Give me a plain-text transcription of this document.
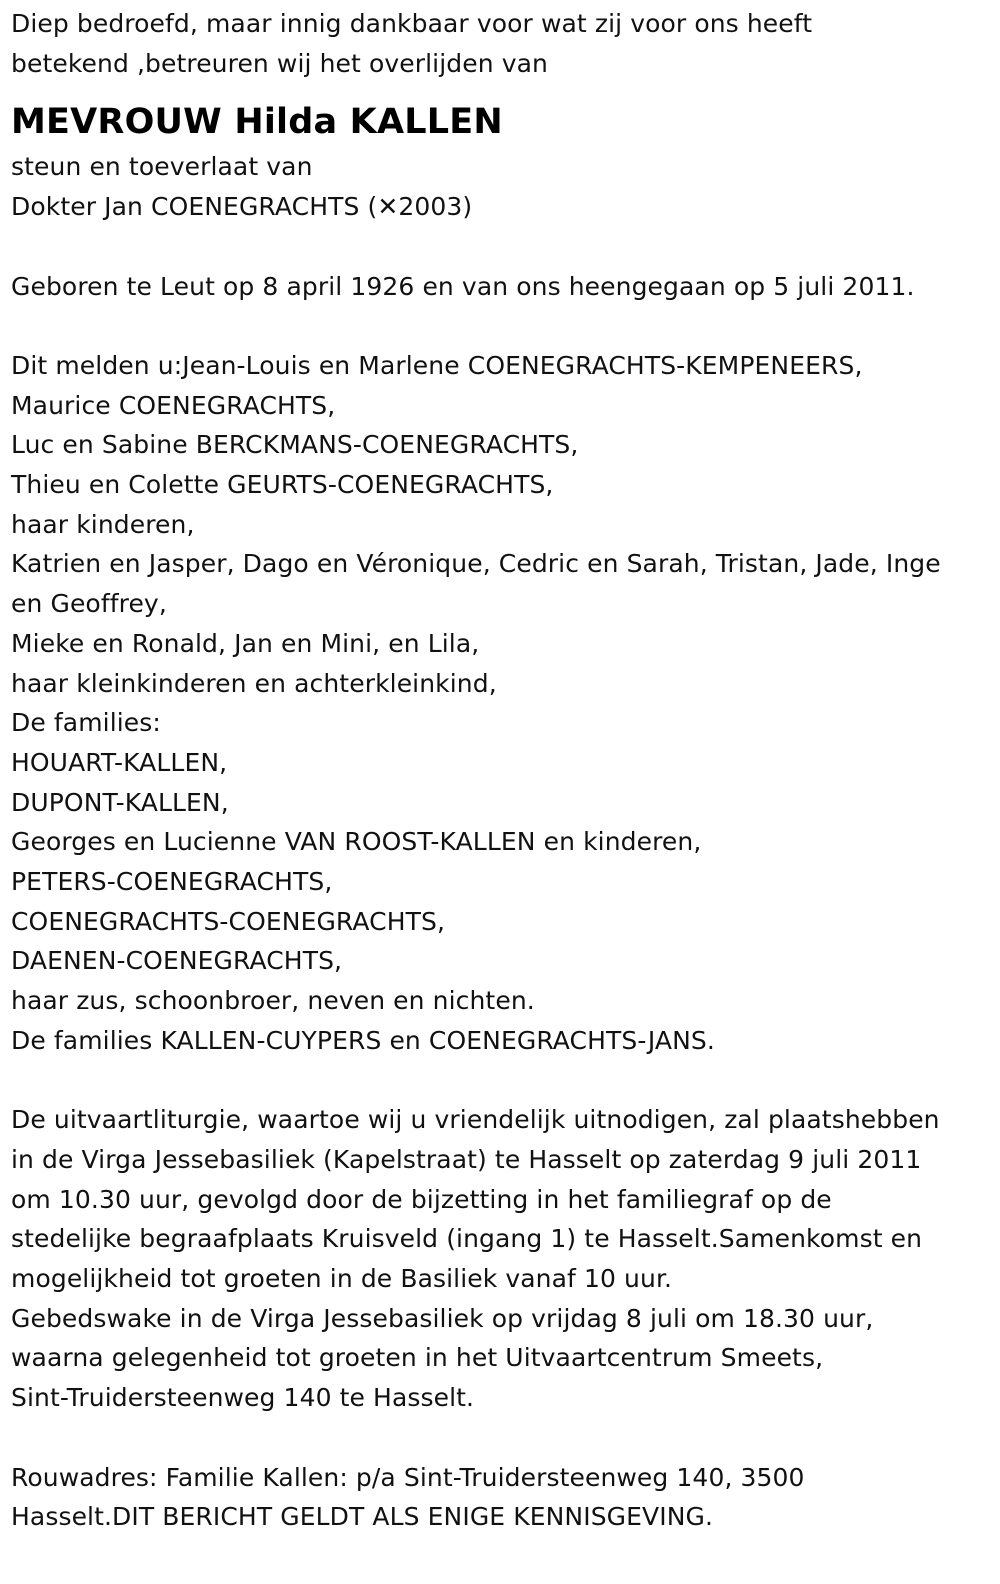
Diep bedroefd, maar innig dankbaar voor wat zij voor ons heeft
betekend ,betreuren wij het overlijden van
MEVROUW Hilda KALLEN
steun en toeverlaat van
Dokter Jan COENEGRACHTS (✕2003)
Geboren te Leut op 8 april 1926 en van ons heengegaan op 5 juli 2011.
Dit melden u:Jean-Louis en Marlene COENEGRACHTS-KEMPENEERS,
Maurice COENEGRACHTS,
Luc en Sabine BERCKMANS-COENEGRACHTS,
Thieu en Colette GEURTS-COENEGRACHTS,
haar kinderen,
Katrien en Jasper, Dago en Véronique, Cedric en Sarah, Tristan, Jade, Inge
en Geoffrey,
Mieke en Ronald, Jan en Mini, en Lila,
haar kleinkinderen en achterkleinkind,
De families:
HOUART-KALLEN,
DUPONT-KALLEN,
Georges en Lucienne VAN ROOST-KALLEN en kinderen,
PETERS-COENEGRACHTS,
COENEGRACHTS-COENEGRACHTS,
DAENEN-COENEGRACHTS,
haar zus, schoonbroer, neven en nichten.
De families KALLEN-CUYPERS en COENEGRACHTS-JANS.
De uitvaartliturgie, waartoe wij u vriendelijk uitnodigen, zal plaatshebben
in de Virga Jessebasiliek (Kapelstraat) te Hasselt op zaterdag 9 juli 2011
om 10.30 uur, gevolgd door de bijzetting in het familiegraf op de
stedelijke begraafplaats Kruisveld (ingang 1) te Hasselt.Samenkomst en
mogelijkheid tot groeten in de Basiliek vanaf 10 uur.
Gebedswake in de Virga Jessebasiliek op vrijdag 8 juli om 18.30 uur,
waarna gelegenheid tot groeten in het Uitvaartcentrum Smeets,
Sint-Truidersteenweg 140 te Hasselt.
Rouwadres: Familie Kallen: p/a Sint-Truidersteenweg 140, 3500
Hasselt.DIT BERICHT GELDT ALS ENIGE KENNISGEVING.
